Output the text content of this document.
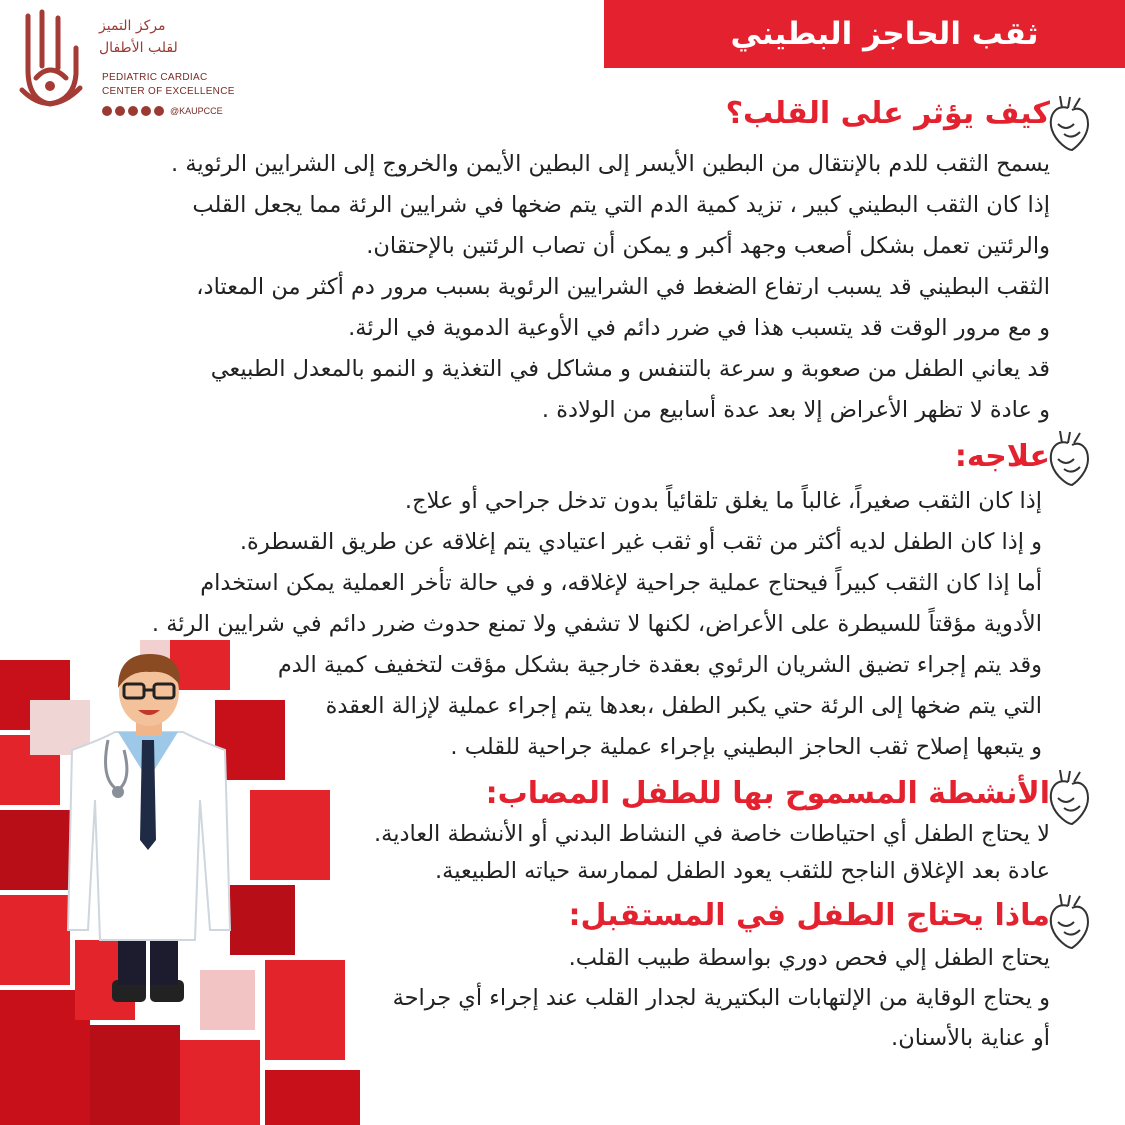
ثقب الحاجز البطيني
مركز التميز
لقلب الأطفال
PEDIATRIC CARDIAC
CENTER OF EXCELLENCE
@KAUPCCE	كيف يؤثر على القلب؟

يسمح الثقب للدم بالإنتقال من البطين الأيسر إلى البطين الأيمن والخروج إلى الشرايين الرئوية .

إذا كان الثقب البطيني كبير ، تزيد كمية الدم التي يتم ضخها في شرايين الرئة مما يجعل القلب

والرئتين تعمل بشكل أصعب وجهد أكبر و يمكن أن تصاب الرئتين بالإحتقان.

الثقب البطيني قد يسبب ارتفاع الضغط في الشرايين الرئوية بسبب مرور دم أكثر من المعتاد،

و مع مرور الوقت قد يتسبب هذا في ضرر دائم في الأوعية الدموية في الرئة.

قد يعاني الطفل من صعوبة و سرعة بالتنفس و مشاكل في التغذية و النمو بالمعدل الطبيعي

و عادة لا تظهر الأعراض إلا بعد عدة أسابيع من الولادة .

علاجه:

إذا كان الثقب صغيراً، غالباً ما يغلق تلقائياً بدون تدخل جراحي أو علاج.

و إذا كان الطفل لديه أكثر من ثقب أو ثقب غير اعتيادي يتم إغلاقه عن طريق القسطرة.

أما إذا كان الثقب كبيراً فيحتاج عملية جراحية لإغلاقه، و في حالة تأخر العملية يمكن استخدام

الأدوية مؤقتاً للسيطرة على الأعراض، لكنها لا تشفي ولا تمنع حدوث ضرر دائم في شرايين الرئة .

وقد يتم إجراء تضيق الشريان الرئوي بعقدة خارجية بشكل مؤقت لتخفيف كمية الدم

التي يتم ضخها إلى الرئة حتي يكبر الطفل ،بعدها يتم إجراء عملية لإزالة العقدة

و يتبعها إصلاح ثقب الحاجز البطيني بإجراء عملية جراحية للقلب .

الأنشطة المسموح بها للطفل المصاب:

لا يحتاج الطفل أي احتياطات خاصة في النشاط البدني أو الأنشطة العادية.

عادة بعد الإغلاق الناجح للثقب يعود الطفل لممارسة حياته الطبيعية.

ماذا يحتاج الطفل في المستقبل:

يحتاج الطفل إلي فحص دوري بواسطة طبيب القلب.

و يحتاج الوقاية من الإلتهابات البكتيرية لجدار القلب عند إجراء أي جراحة

أو عناية بالأسنان.
